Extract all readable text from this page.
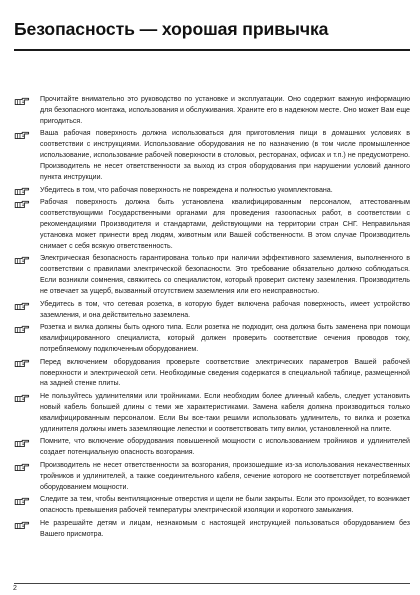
Безопасность — хорошая привычка
Прочитайте внимательно это руководство по установке и эксплуатации. Оно содержит важную информацию для безопасного монтажа, использования и обслуживания. Храните его в надежном месте. Оно может Вам еще пригодиться.
Ваша рабочая поверхность должна использоваться для приготовления пищи в домашних условиях в соответствии с инструкциями. Использование оборудования не по назначению (в том числе промышленное использование, использование рабочей поверхности в столовых, ресторанах, офисах и т.п.) не предусмотрено. Производитель не несет ответственности за выход из строя оборудования при нарушении условий данного пункта инструкции.
Убедитесь в том, что рабочая поверхность не повреждена и полностью укомплектована.
Рабочая поверхность должна быть установлена квалифицированным персоналом, аттестованным соответствующими Государственными органами для проведения газоопасных работ, в соответствии с рекомендациями Производителя и стандартами, действующими на территории стран СНГ. Неправильная установка может принести вред людям, животным или Вашей собственности. В этом случае Производитель снимает с себя всякую ответственность.
Электрическая безопасность гарантирована только при наличии эффективного заземления, выполненного в соответствии с правилами электрической безопасности. Это требование обязательно должно соблюдаться. Если возникли сомнения, свяжитесь со специалистом, который проверит систему заземления. Производитель не отвечает за ущерб, вызванный отсутствием заземления или его неисправностью.
Убедитесь в том, что сетевая розетка, в которую будет включена рабочая поверхность, имеет устройство заземления, и она действительно заземлена.
Розетка и вилка должны быть одного типа. Если розетка не подходит, она должна быть заменена при помощи квалифицированного специалиста, который должен проверить соответствие сечения проводов току, потребляемому подключенным оборудованием.
Перед включением оборудования проверьте соответствие электрических параметров Вашей рабочей поверхности и электрической сети. Необходимые сведения содержатся в специальной таблице, размещенной на задней стенке плиты.
Не пользуйтесь удлинителями или тройниками. Если необходим более длинный кабель, следует установить новый кабель большей длины с теми же характеристиками. Замена кабеля должна производиться только квалифицированным персоналом. Если Вы все-таки решили использовать удлинитель, то вилка и розетка удлинителя должны иметь заземляющие лепестки и соответствовать типу вилки, установленной на плите.
Помните, что включение оборудования повышенной мощности с использованием тройников и удлинителей создает потенциальную опасность возгорания.
Производитель не несет ответственности за возгорания, произошедшие из-за использования некачественных тройников и удлинителей, а также соединительного кабеля, сечение которого не соответствует потребляемой оборудованием мощности.
Следите за тем, чтобы вентиляционные отверстия и щели не были закрыты. Если это произойдет, то возникает опасность превышения рабочей температуры электрической изоляции и короткого замыкания.
Не разрешайте детям и лицам, незнакомым с настоящей инструкцией пользоваться оборудованием без Вашего присмотра.
2
